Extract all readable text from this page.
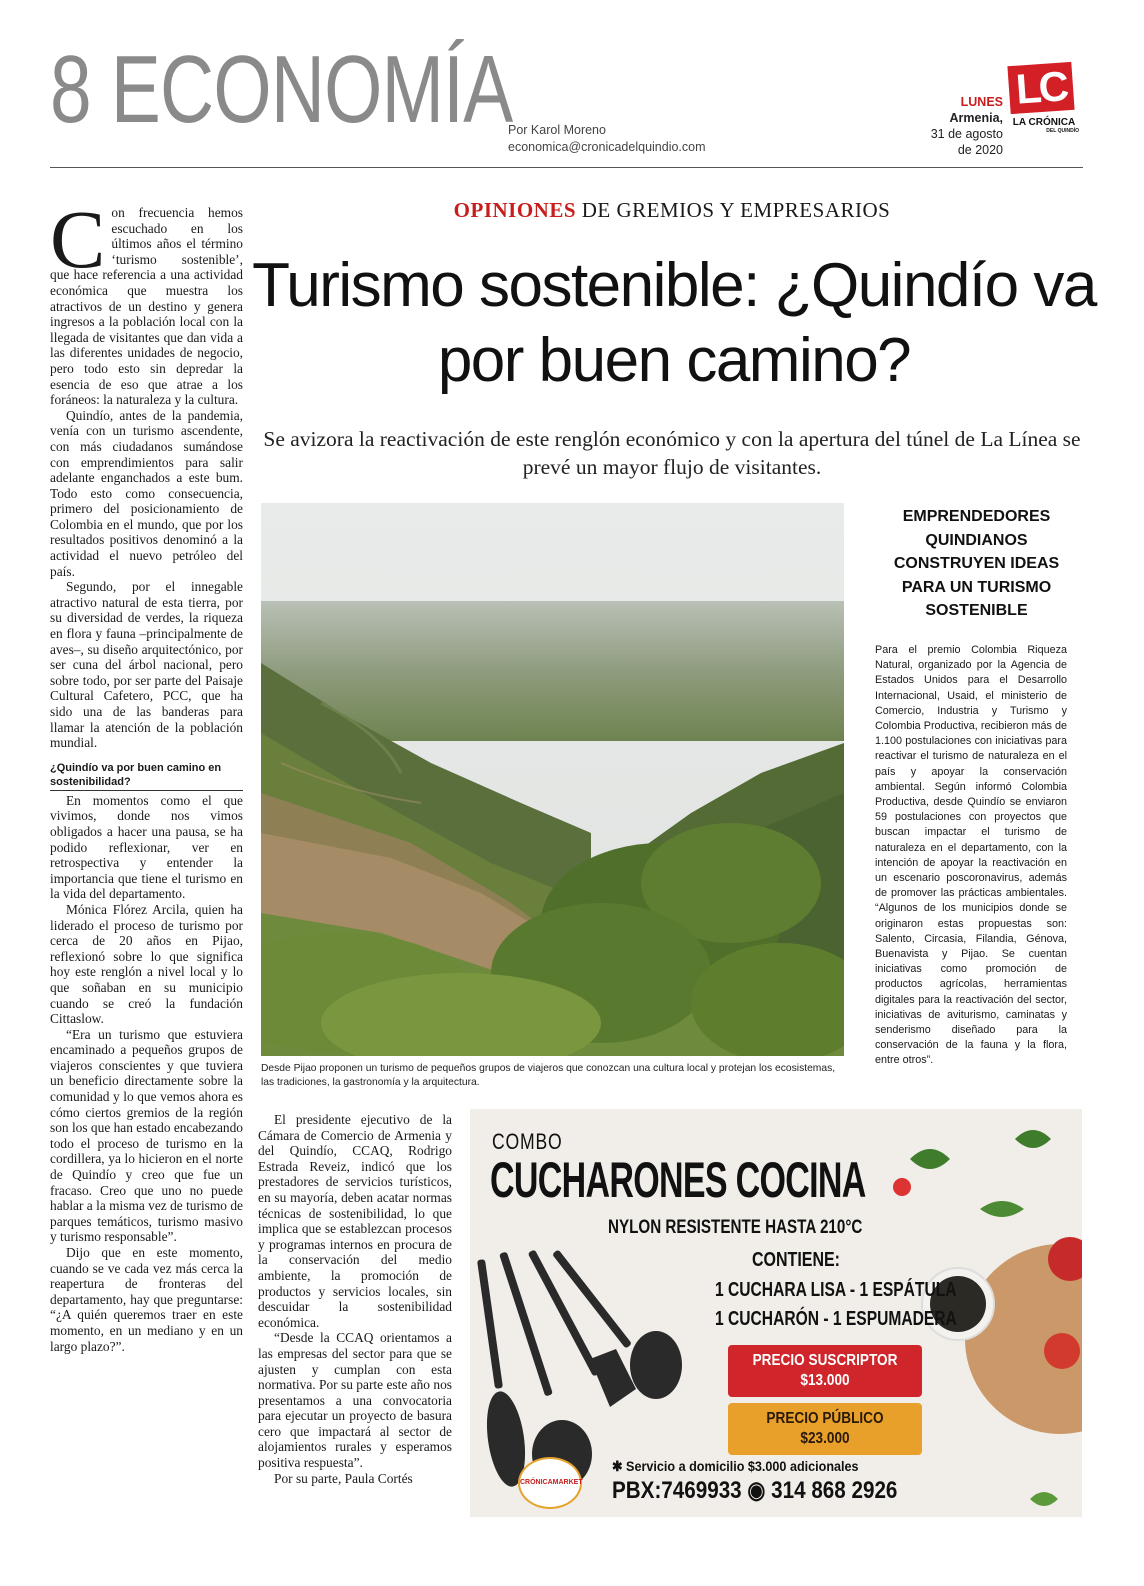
8 ECONOMÍA
Por Karol Moreno
economica@cronicadelquindio.com
LUNES
Armenia,
31 de agosto
de 2020
LC
LA CRÓNICA
DEL QUINDÍO

Con frecuencia hemos escuchado en los últimos años el término ‘turismo sostenible’, que hace referencia a una actividad económica que muestra los atractivos de un destino y genera ingresos a la población local con la llegada de visitantes que dan vida a las diferentes unidades de negocio, pero todo esto sin depredar la esencia de eso que atrae a los foráneos: la naturaleza y la cultura.

Quindío, antes de la pandemia, venía con un turismo ascendente, con más ciudadanos sumándose con emprendimientos para salir adelante enganchados a este bum. Todo esto como consecuencia, primero del posicionamiento de Colombia en el mundo, que por los resultados positivos denominó a la actividad el nuevo petróleo del país.

Segundo, por el innegable atractivo natural de esta tierra, por su diversidad de verdes, la riqueza en flora y fauna –principalmente de aves–, su diseño arquitectónico, por ser cuna del árbol nacional, pero sobre todo, por ser parte del Paisaje Cultural Cafetero, PCC, que ha sido una de las banderas para llamar la atención de la población mundial.

¿Quindío va por buen camino en sostenibilidad?

En momentos como el que vivimos, donde nos vimos obligados a hacer una pausa, se ha podido reflexionar, ver en retrospectiva y entender la importancia que tiene el turismo en la vida del departamento.

Mónica Flórez Arcila, quien ha liderado el proceso de turismo por cerca de 20 años en Pijao, reflexionó sobre lo que significa hoy este renglón a nivel local y lo que soñaban en su municipio cuando se creó la fundación Cittaslow.

“Era un turismo que estuviera encaminado a pequeños grupos de viajeros conscientes y que tuviera un beneficio directamente sobre la comunidad y lo que vemos ahora es cómo ciertos gremios de la región son los que han estado encabezando todo el proceso de turismo en la cordillera, ya lo hicieron en el norte de Quindío y creo que fue un fracaso. Creo que uno no puede hablar a la misma vez de turismo de parques temáticos, turismo masivo y turismo responsable”.

Dijo que en este momento, cuando se ve cada vez más cerca la reapertura de fronteras del departamento, hay que preguntarse: “¿A quién queremos traer en este momento, en un mediano y en un largo plazo?”.

OPINIONES DE GREMIOS Y EMPRESARIOS
Turismo sostenible: ¿Quindío va por buen camino?
Se avizora la reactivación de este renglón económico y con la apertura del túnel de La Línea se prevé un mayor flujo de visitantes.
Desde Pijao proponen un turismo de pequeños grupos de viajeros que conozcan una cultura local y protejan los ecosistemas, las tradiciones, la gastronomía y la arquitectura.
EMPRENDEDORES QUINDIANOS CONSTRUYEN IDEAS PARA UN TURISMO SOSTENIBLE

Para el premio Colombia Riqueza Natural, organizado por la Agencia de Estados Unidos para el Desarrollo Internacional, Usaid, el ministerio de Comercio, Industria y Turismo y Colombia Productiva, recibieron más de 1.100 postulaciones con iniciativas para reactivar el turismo de naturaleza en el país y apoyar la conservación ambiental. Según informó Colombia Productiva, desde Quindío se enviaron 59 postulaciones con proyectos que buscan impactar el turismo de naturaleza en el departamento, con la intención de apoyar la reactivación en un escenario poscoronavirus, además de promover las prácticas ambientales. “Algunos de los municipios donde se originaron estas propuestas son: Salento, Circasia, Filandia, Génova, Buenavista y Pijao. Se cuentan iniciativas como promoción de productos agrícolas, herramientas digitales para la reactivación del sector, iniciativas de aviturismo, caminatas y senderismo diseñado para la conservación de la fauna y la flora, entre otros”.

El presidente ejecutivo de la Cámara de Comercio de Armenia y del Quindío, CCAQ, Rodrigo Estrada Reveiz, indicó que los prestadores de servicios turísticos, en su mayoría, deben acatar normas técnicas de sostenibilidad, lo que implica que se establezcan procesos y programas internos en procura de la conservación del medio ambiente, la promoción de productos y servicios locales, sin descuidar la sostenibilidad económica.

“Desde la CCAQ orientamos a las empresas del sector para que se ajusten y cumplan con esta normativa. Por su parte este año nos presentamos a una convocatoria para ejecutar un proyecto de basura cero que impactará al sector de alojamientos rurales y esperamos positiva respuesta”.

Por su parte, Paula Cortés

COMBO
CUCHARONES COCINA
NYLON RESISTENTE HASTA 210°C
CONTIENE:
1 CUCHARA LISA - 1 ESPÁTULA
1 CUCHARÓN - 1 ESPUMADERA
PRECIO SUSCRIPTOR
$13.000
PRECIO PÚBLICO
$23.000
CRÓNICAMARKET
✱ Servicio a domicilio $3.000 adicionales
PBX:7469933 ◉ 314 868 2926
